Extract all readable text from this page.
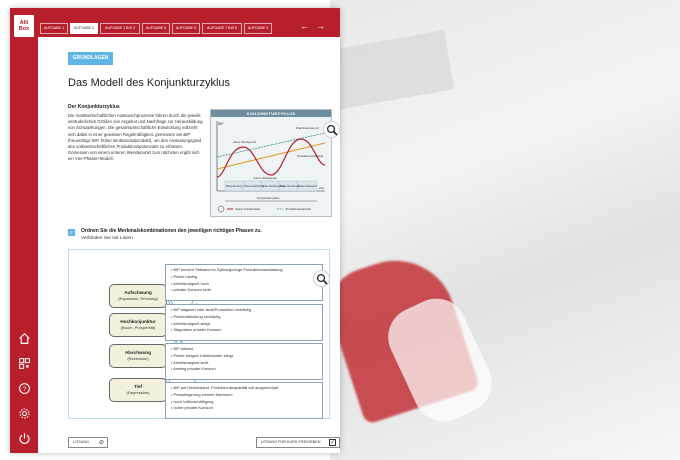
Alli
Box
?
AUFGABE 1	AUFGABE 2	AUFGABE 3 BIS 4	AUFGABE 5	AUFGABE 6	AUFGABE 7 BIS 8	AUFGABE 9	← →
GRUNDLAGEN
Das Modell des Konjunkturzyklus
Der Konjunkturzyklus
Die marktwirtschaftlichen Austauschprozesse führen durch die jeweils veränderlichen Größen von Angebot und Nachfrage zur Herausbildung von Schwankungen. Die gesamtwirtschaftliche Entwicklung vollzieht sich dabei in einer gewissen Regelmäßigkeit, gemessen am BIP (heuerdings BIP, früher Bruttosozialprodukt), um den Auslastungsgrad des volkswirtschaftlichen Produktionspotenzials zu erfassen. Gemessen von einem unteren Wendepunkt zum nächsten ergibt sich ein Vier-Phasen-Modell.
KONJUNKTURZYKLUS
BIP
Zeit
Wachstumstrend
Produktionspotenzial
oberer Wendepunkt
unterer Wendepunkt
Phase Erholung Phase Aufschwung
Phase Hochkonjunktur
Phase Abschwung Phase Depression
Konjunkturzyklus
(reales Sozialprodukt)	(Produktionspotenzial)
2	Ordnen Sie die Merkmalskombinationen den jeweiligen richtigen Phasen zu.
Verbinden Sie mit Linien
Aufschwung
(Expansion, Erholung)
Hochkonjunktur
(Boom, Prosperität)
Abschwung
(Rezession)
Tief
(Depression)
• BIP erreicht Tiefstand im Zyklus/geringe Produktionsauslastung
• Preise niedrig
• Arbeitslosigkeit hoch
• privater Konsum sinkt
• BIP stagniert oder sinkt/Produktion rückläufig
• Preisentwicklung rückläufig
• Arbeitslosigkeit steigt
• Stagnation privater Konsum
• BIP wächst
• Preise steigen/ Inflationsrate steigt
• Arbeitslosigkeit sinkt
• Anstieg privater Konsum
• BIP auf Höchststand, Produktionskapazität voll ausgeschöpft
• Preissteigerung erreicht Maximum
• hoch Vollbeschäftigung
• hoher privater Konsum
LÖSUNG ⊘	LÖSUNG FÜR KURS FREIGEBEN ✓
